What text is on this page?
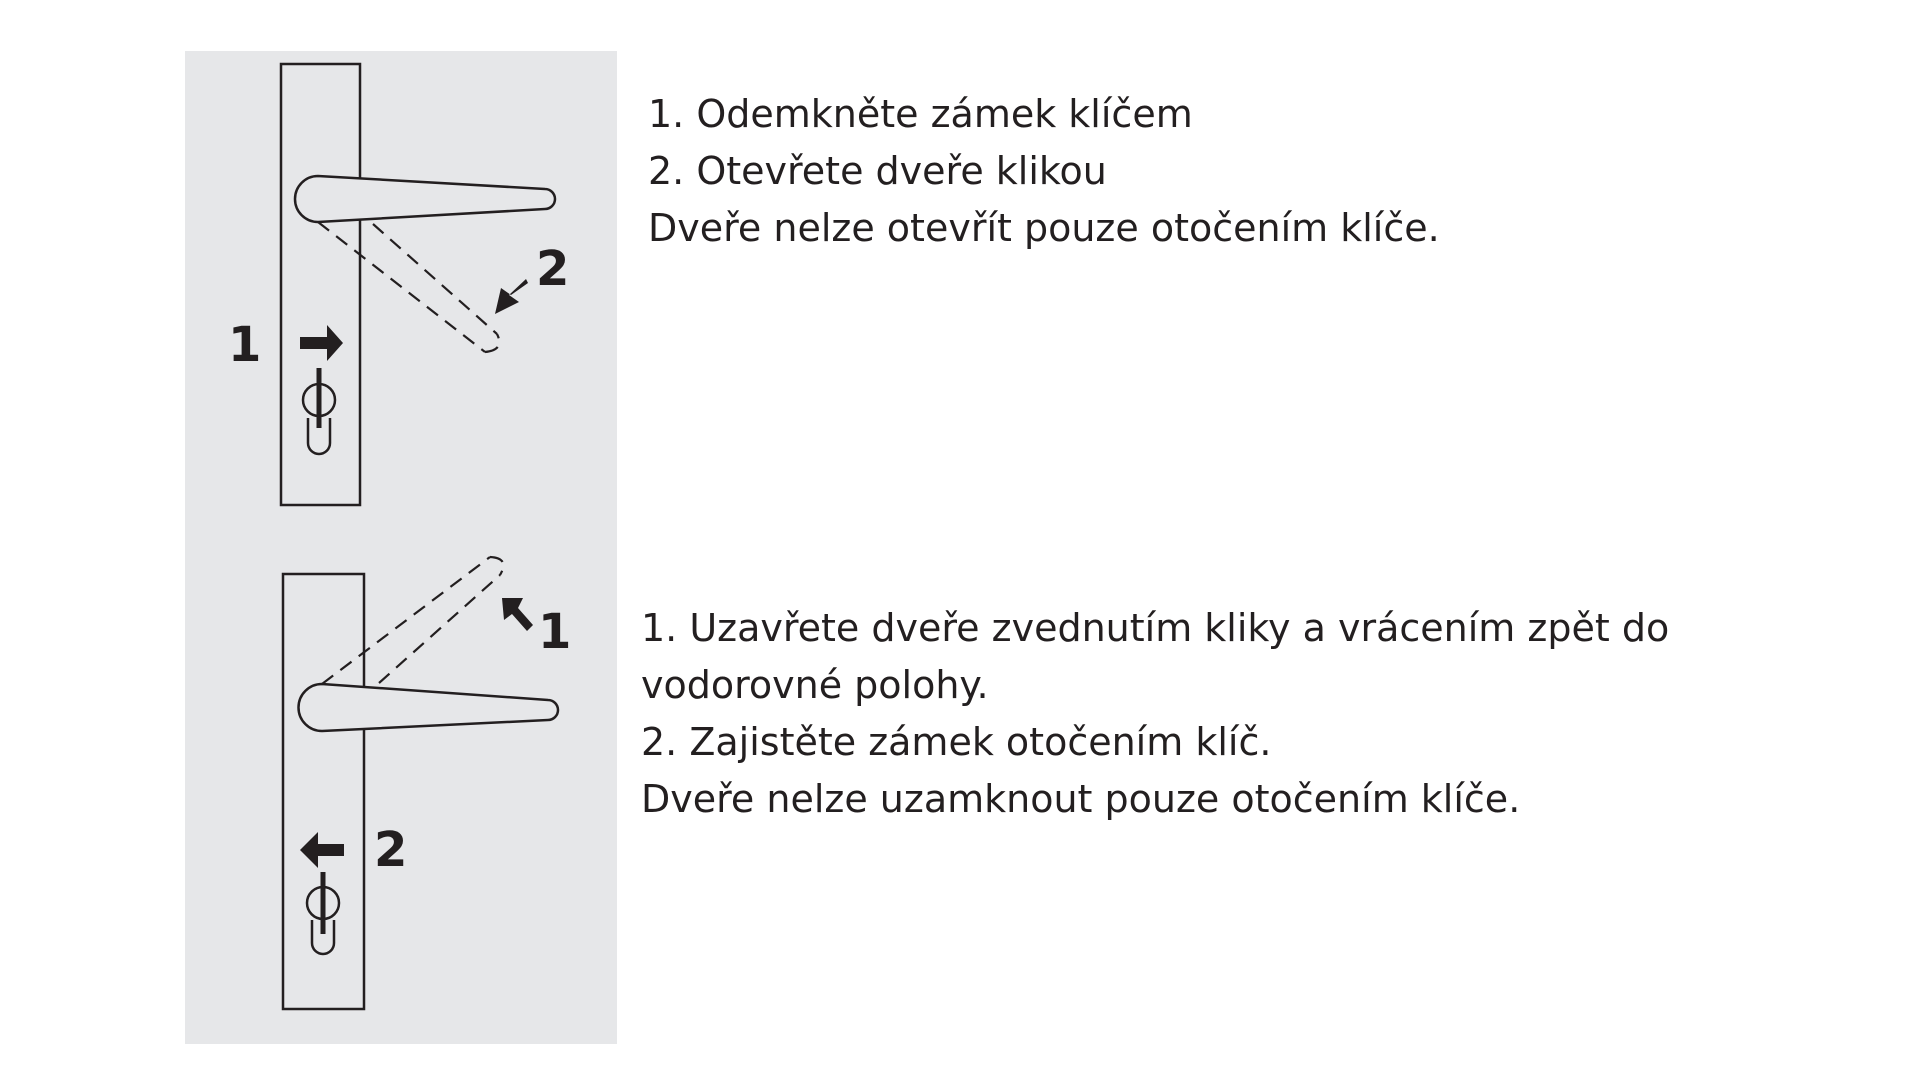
1
2
1
2
1. Odemkněte zámek klíčem
2. Otevřete dveře klikou
Dveře nelze otevřít pouze otočením klíče.
1. Uzavřete dveře zvednutím kliky a vrácením zpět do
vodorovné polohy.
2. Zajistěte zámek otočením klíč.
Dveře nelze uzamknout pouze otočením klíče.
